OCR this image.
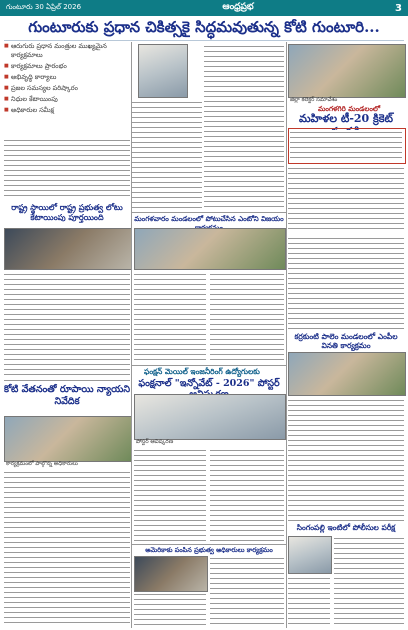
గుంటూరు 30 ఏప్రిల్ 2026	ఆంధ్రప్రభ	3
గుంటూరుకు ప్రధాన చికిత్సకై సిద్ధమవుతున్న కోటి గుంటూరి...
■ ఆరుగురు ప్రధాన మంత్రుల ముఖ్యమైన కార్యక్రమాలు
■ కార్యక్రమాలు ప్రారంభం
■ అభివృద్ధి కార్యాలు
■ ప్రజల సమస్యల పరిష్కారం
■ నిధుల కేటాయింపు
■ అధికారుల సమీక్ష
జిల్లా కలెక్టర్ సమావేశం
మంగళగిరి మండలంలో
మహిళల టీ-20 క్రికెట్
రాష్ట్ర స్థాయిలో రాష్ట్ర ప్రభుత్వ లోటు కేటాయింపు పూర్తయింది	మంగళవారం మండలంలో పోటుచేసిన ఎంటోని విజయం
కర్రకుంటి పాలెం మండలంలో ఎంపీల వినతి కార్యక్రమం
ఫంక్షన్ మెయిల్ ఇంజనీరింగ్ ఉద్యోగులకు
ఫంక్షనాల్ "ఇన్నోవేట్ - 2026" పోస్టర్
పోస్టర్ ఆవిష్కరణ
కోటి వేతనంతో రూపాయి న్యాయని నివేదిక
కార్యక్రమంలో పాల్గొన్న అధికారులు
అమెరికాకు పంపిన ప్రభుత్వ అధికారులు కార్యక్రమం
సింగంపల్లి ఇంటిలో పోలీసుల పరీక్ష
